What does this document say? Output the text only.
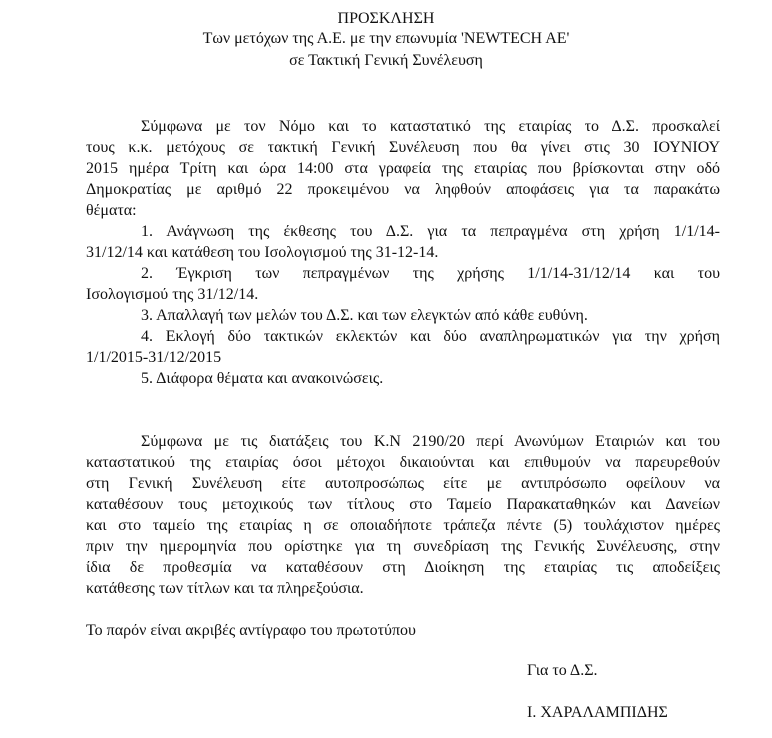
ΠΡΟΣΚΛΗΣΗ
Των μετόχων της Α.Ε. με την επωνυμία 'NEWTECH AE'
σε Τακτική Γενική Συνέλευση
Σύμφωνα με τον Νόμο και το καταστατικό της εταιρίας το Δ.Σ. προσκαλεί
τους κ.κ. μετόχους σε τακτική Γενική Συνέλευση που θα γίνει στις 30 ΙΟΥΝΙΟΥ
2015 ημέρα Τρίτη και ώρα 14:00 στα γραφεία της εταιρίας που βρίσκονται στην οδό
Δημοκρατίας με αριθμό 22 προκειμένου να ληφθούν αποφάσεις για τα παρακάτω
θέματα:
1. Ανάγνωση της έκθεσης του Δ.Σ. για τα πεπραγμένα στη χρήση 1/1/14-
31/12/14 και κατάθεση του Ισολογισμού της 31-12-14.
2. Έγκριση των πεπραγμένων της χρήσης 1/1/14-31/12/14 και του
Ισολογισμού της 31/12/14.
3. Απαλλαγή των μελών του Δ.Σ. και των ελεγκτών από κάθε ευθύνη.
4. Εκλογή δύο τακτικών εκλεκτών και δύο αναπληρωματικών για την χρήση
1/1/2015-31/12/2015
5. Διάφορα θέματα και ανακοινώσεις.
Σύμφωνα με τις διατάξεις του Κ.Ν 2190/20 περί Ανωνύμων Εταιριών και του
καταστατικού της εταιρίας όσοι μέτοχοι δικαιούνται και επιθυμούν να παρευρεθούν
στη Γενική Συνέλευση είτε αυτοπροσώπως είτε με αντιπρόσωπο οφείλουν να
καταθέσουν τους μετοχικούς των τίτλους στο Ταμείο Παρακαταθηκών και Δανείων
και στο ταμείο της εταιρίας η σε οποιαδήποτε τράπεζα πέντε (5) τουλάχιστον ημέρες
πριν την ημερομηνία που ορίστηκε για τη συνεδρίαση της Γενικής Συνέλευσης, στην
ίδια δε προθεσμία να καταθέσουν στη Διοίκηση της εταιρίας τις αποδείξεις
κατάθεσης των τίτλων και τα πληρεξούσια.
Το παρόν είναι ακριβές αντίγραφο του πρωτοτύπου
Για το Δ.Σ.
Ι. ΧΑΡΑΛΑΜΠΙΔΗΣ
